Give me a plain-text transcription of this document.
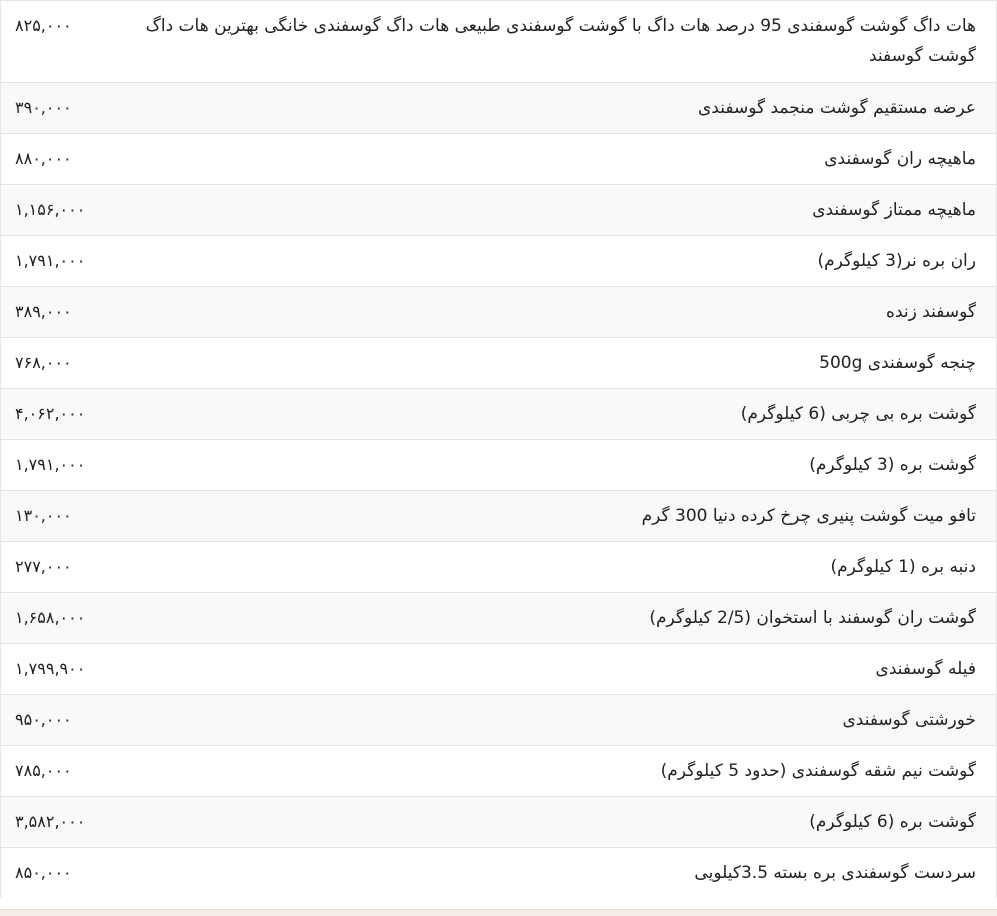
هات داگ گوشت گوسفندی 95 درصد هات داگ با گوشت گوسفندی طبیعی هات داگ گوسفندی خانگی بهترین هات داگ گوشت گوسفند	۸۲۵,۰۰۰
عرضه مستقیم گوشت منجمد گوسفندی	۳۹۰,۰۰۰
ماهیچه ران گوسفندی	۸۸۰,۰۰۰
ماهیچه ممتاز گوسفندی	۱,۱۵۶,۰۰۰
ران بره نر(3 کیلوگرم)	۱,۷۹۱,۰۰۰
گوسفند زنده	۳۸۹,۰۰۰
چنجه گوسفندی 500g	۷۶۸,۰۰۰
گوشت بره بی چربی (6 کیلوگرم)	۴,۰۶۲,۰۰۰
گوشت بره (3 کیلوگرم)	۱,۷۹۱,۰۰۰
تافو میت گوشت پنیری چرخ کرده دنیا 300 گرم	۱۳۰,۰۰۰
دنبه بره (1 کیلوگرم)	۲۷۷,۰۰۰
گوشت ران گوسفند با استخوان (2/5 کیلوگرم)	۱,۶۵۸,۰۰۰
فیله گوسفندی	۱,۷۹۹,۹۰۰
خورشتی گوسفندی	۹۵۰,۰۰۰
گوشت نیم شقه گوسفندی (حدود 5 کیلوگرم)	۷۸۵,۰۰۰
گوشت بره (6 کیلوگرم)	۳,۵۸۲,۰۰۰
سردست گوسفندی بره بسته 3.5کیلویی	۸۵۰,۰۰۰
